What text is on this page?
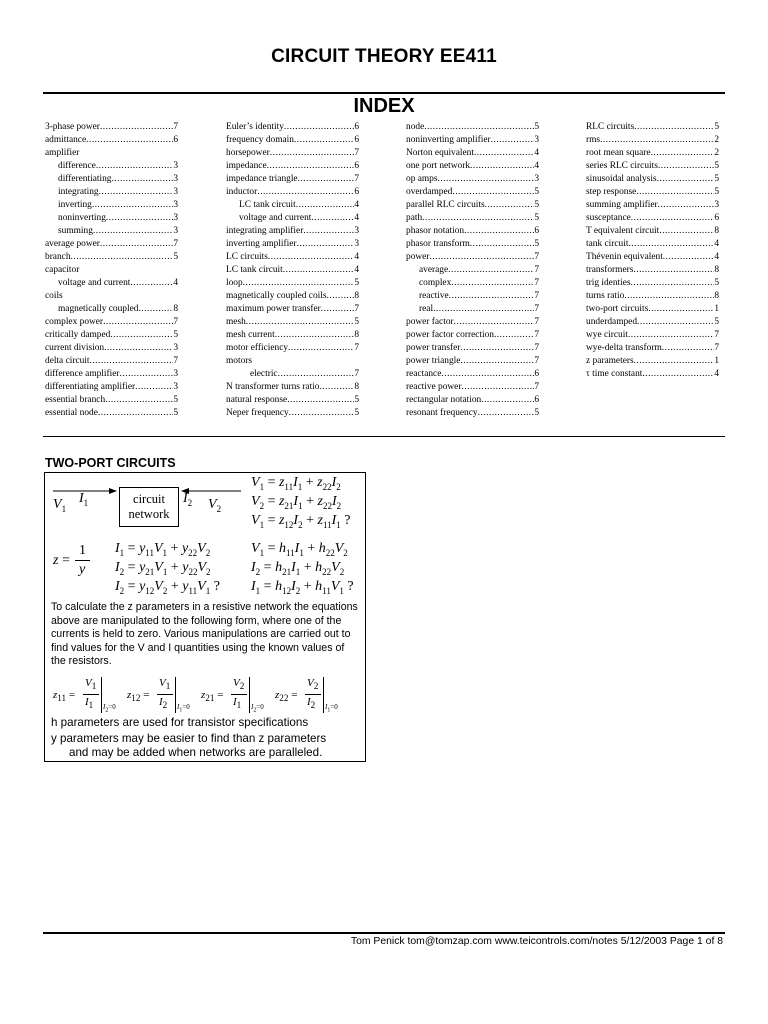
CIRCUIT THEORY EE411
INDEX
3-phase power .....	7
admittance .....	6
amplifier
difference .....	3
differentiating .....	3
integrating .....	3
inverting .....	3
noninverting .....	3
summing .....	3
average power .....	7
branch .....	5
capacitor
voltage and current .....	4
coils
magnetically coupled .....	8
complex power .....	7
critically damped .....	5
current division .....	3
delta circuit .....	7
difference amplifier .....	3
differentiating amplifier .....	3
essential branch .....	5
essential node .....	5
Euler’s identity .....	6
frequency domain .....	6
horsepower .....	7
impedance .....	6
impedance triangle .....	7
inductor .....	6
LC tank circuit .....	4
voltage and current .....	4
integrating amplifier .....	3
inverting amplifier .....	3
LC circuits .....	4
LC tank circuit .....	4
loop .....	5
magnetically coupled coils .....	8
maximum power transfer .....	7
mesh .....	5
mesh current .....	8
motor efficiency .....	7
motors
electric .....	7
N transformer turns ratio .....	8
natural response .....	5
Neper frequency .....	5
node .....	5
noninverting amplifier .....	3
Norton equivalent .....	4
one port network .....	4
op amps .....	3
overdamped .....	5
parallel RLC circuits .....	5
path .....	5
phasor notation .....	6
phasor transform .....	5
power .....	7
average .....	7
complex .....	7
reactive .....	7
real .....	7
power factor .....	7
power factor correction .....	7
power transfer .....	7
power triangle .....	7
reactance .....	6
reactive power .....	7
rectangular notation .....	6
resonant frequency .....	5
RLC circuits .....	5
rms .....	2
root mean square .....	2
series RLC circuits .....	5
sinusoidal analysis .....	5
step response .....	5
summing amplifier .....	3
susceptance .....	6
T equivalent circuit .....	8
tank circuit .....	4
Thévenin equivalent .....	4
transformers .....	8
trig identies .....	5
turns ratio .....	8
two-port circuits .....	1
underdamped .....	5
wye circuit .....	7
wye-delta transform .....	7
z parameters .....	1
τ time constant .....	4
TWO-PORT CIRCUITS
circuit
network
$V_1$
$I_1$	$I_2$ $V_2$
$V_1 = z_{11}I_1 + z_{22}I_2$
$V_2 = z_{21}I_1 + z_{22}I_2$
$V_1 = z_{12}I_2 + z_{11}I_1$ ?
z =
1
y
$I_1 = y_{11}V_1 + y_{22}V_2$
$I_2 = y_{21}V_1 + y_{22}V_2$
$I_2 = y_{12}V_2 + y_{11}V_1$ ?
$V_1 = h_{11}I_1 + h_{22}V_2$
$I_2 = h_{21}I_1 + h_{22}V_2$
$I_1 = h_{12}I_2 + h_{11}V_1$ ?
To calculate the z parameters in a resistive network the equations above are manipulated to the following form, where one of the currents is held to zero. Various manipulations are carried out to find values for the V and I quantities using the known values of the resistors.
$z_{11}$ =
$V_1$
$I_1$ $I_2=0$
$z_{12}$ =
$V_1$
$I_2$ $I_1=0$
$z_{21}$ =
$V_2$
$I_1$ $I_2=0$
$z_{22}$ =
$V_2$
$I_2$ $I_1=0$
h parameters are used for transistor specifications
y parameters may be easier to find than z parameters
and may be added when networks are paralleled.
Tom Penick tom@tomzap.com www.teicontrols.com/notes 5/12/2003 Page 1 of 8
